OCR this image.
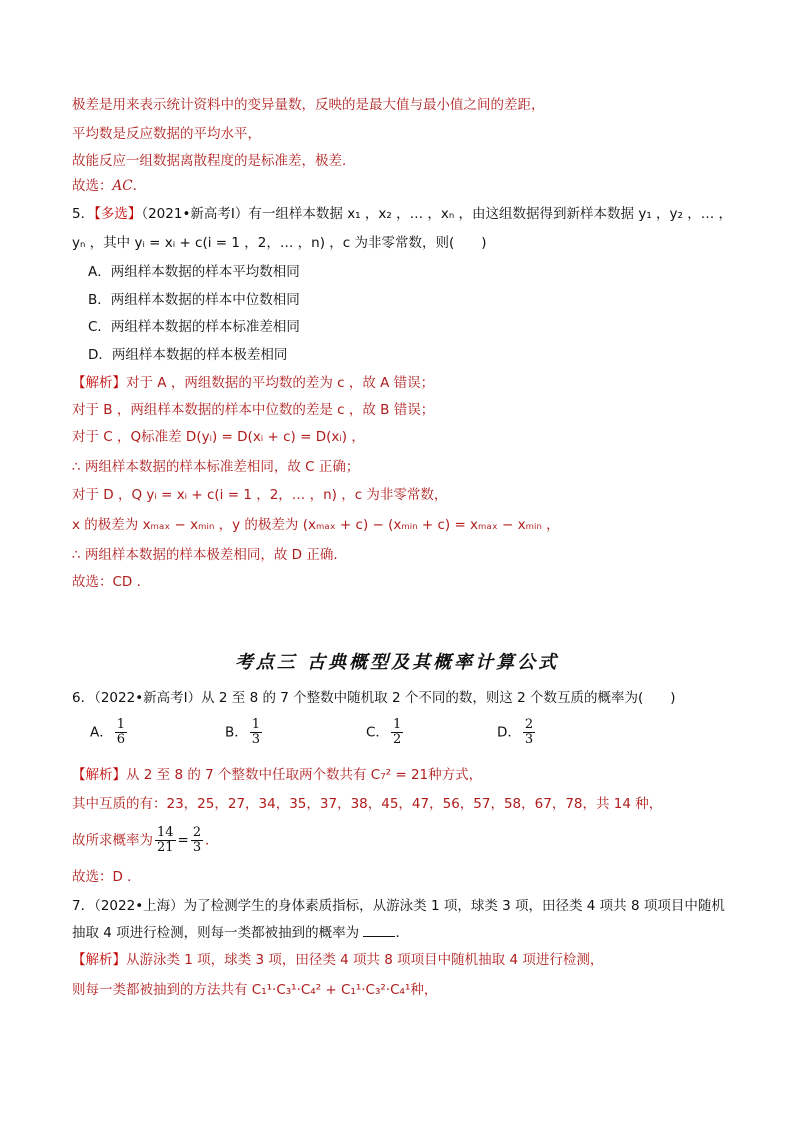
极差是用来表示统计资料中的变异量数，反映的是最大值与最小值之间的差距，
平均数是反应数据的平均水平，
故能反应一组数据离散程度的是标准差，极差．
故选：AC．
5．【多选】（2021•新高考Ⅰ）有一组样本数据 x₁ ，x₂ ，… ，xₙ ，由这组数据得到新样本数据 y₁ ，y₂ ，… ，
yₙ ，其中 yᵢ = xᵢ + c(i = 1 ，2，… ，n) ，c 为非零常数，则(　　)
A．两组样本数据的样本平均数相同
B．两组样本数据的样本中位数相同
C．两组样本数据的样本标准差相同
D．两组样本数据的样本极差相同
【解析】对于 A ，两组数据的平均数的差为 c ，故 A 错误；
对于 B ，两组样本数据的样本中位数的差是 c ，故 B 错误；
对于 C ，Q标准差 D(yᵢ) = D(xᵢ + c) = D(xᵢ) ，
∴ 两组样本数据的样本标准差相同，故 C 正确；
对于 D ，Q yᵢ = xᵢ + c(i = 1 ，2，… ，n) ，c 为非零常数，
x 的极差为 xₘₐₓ − xₘᵢₙ ，y 的极差为 (xₘₐₓ + c) − (xₘᵢₙ + c) = xₘₐₓ − xₘᵢₙ ，
∴ 两组样本数据的样本极差相同，故 D 正确．
故选：CD ．
考点三 古典概型及其概率计算公式
6．（2022•新高考Ⅰ）从 2 至 8 的 7 个整数中随机取 2 个不同的数，则这 2 个数互质的概率为(　　)
A． $\frac{1}{6}$	B． $\frac{1}{3}$	C． $\frac{1}{2}$	D． $\frac{2}{3}$
【解析】从 2 至 8 的 7 个整数中任取两个数共有 C₇² = 21种方式，
其中互质的有：23，25，27，34，35，37，38，45，47，56，57，58，67，78，共 14 种，
故所求概率为 $\frac{14}{21} = \frac{2}{3}$ ．
故选：D ．
7．（2022•上海）为了检测学生的身体素质指标，从游泳类 1 项，球类 3 项，田径类 4 项共 8 项项目中随机
抽取 4 项进行检测，则每一类都被抽到的概率为	．
【解析】从游泳类 1 项，球类 3 项，田径类 4 项共 8 项项目中随机抽取 4 项进行检测，
则每一类都被抽到的方法共有 C₁¹·C₃¹·C₄² + C₁¹·C₃²·C₄¹种，
